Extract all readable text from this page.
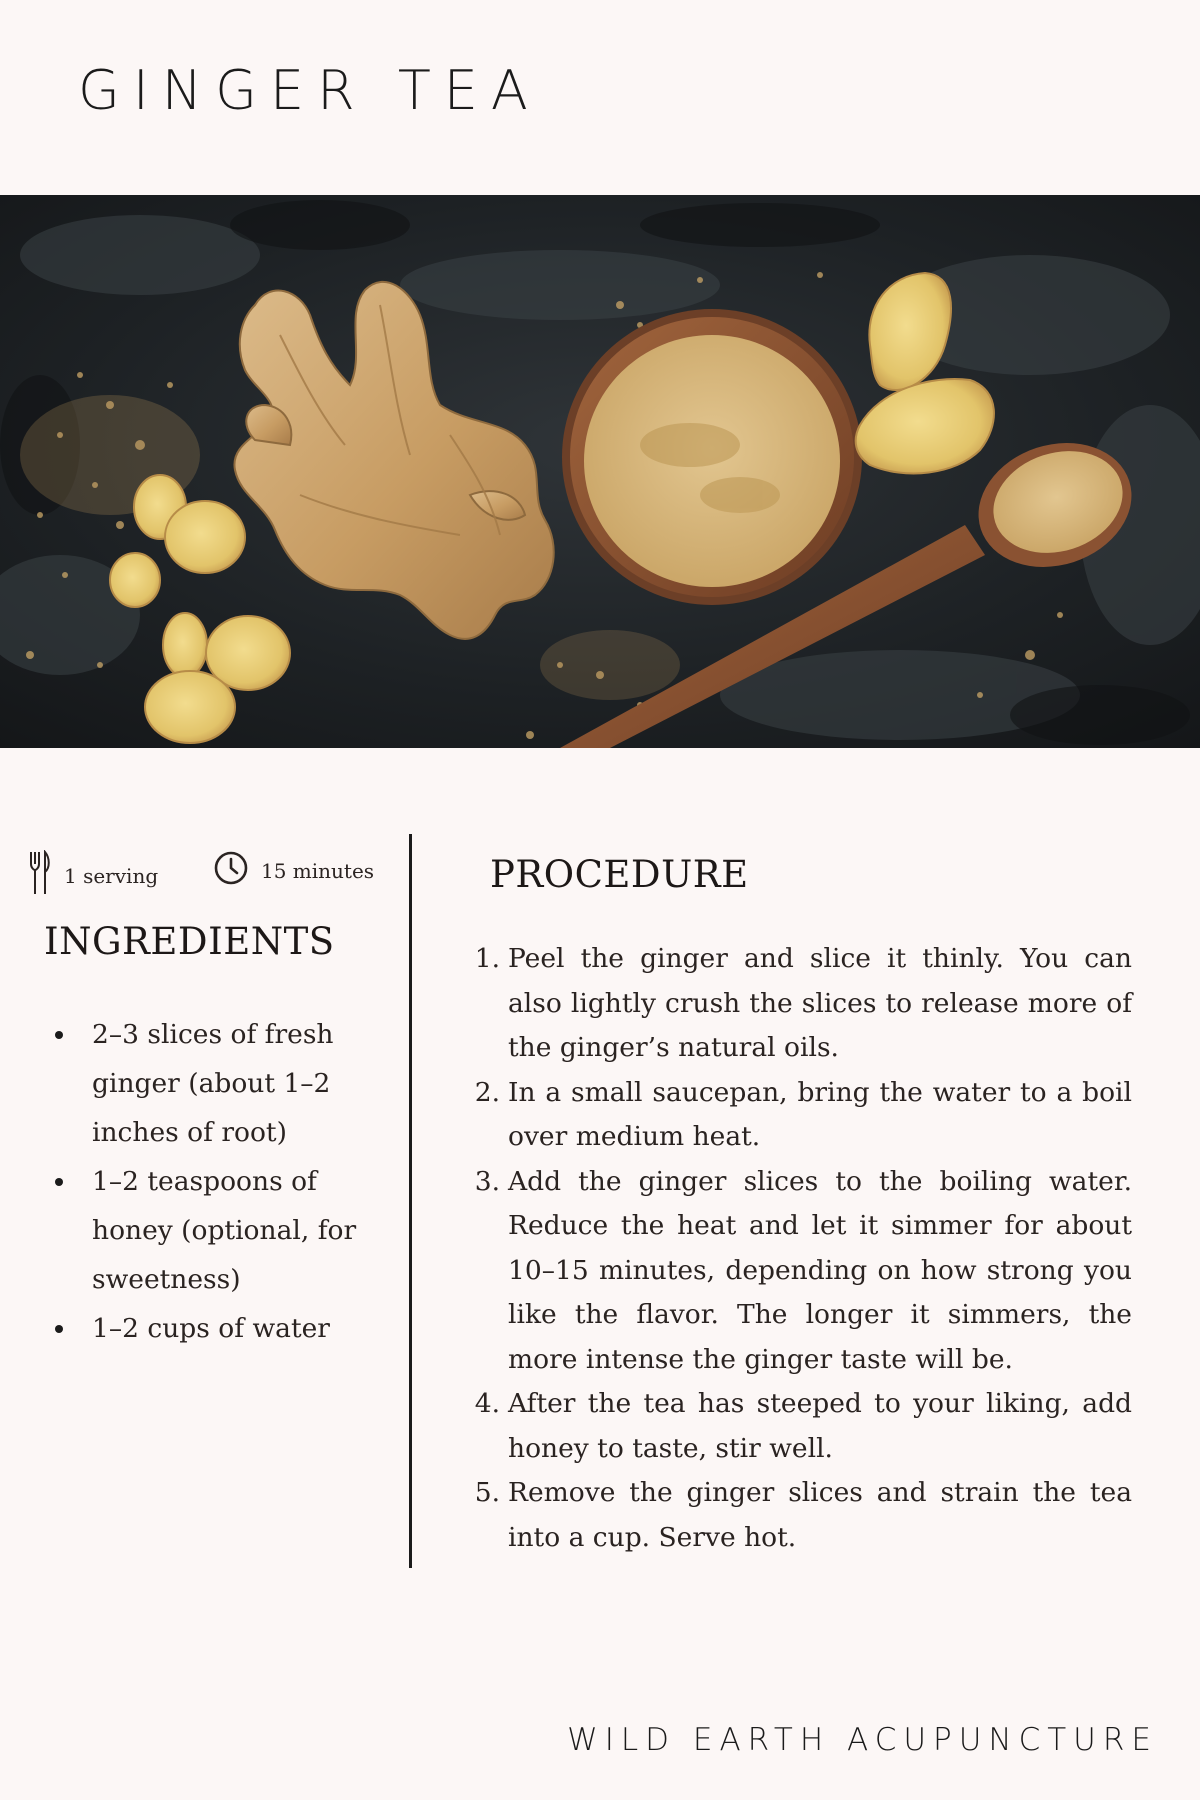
GINGER TEA
1 serving	15 minutes
INGREDIENTS
2–3 slices of fresh ginger (about 1–2 inches of root)
1–2 teaspoons of honey (optional, for sweetness)
1–2 cups of water
PROCEDURE
1. Peel the ginger and slice it thinly. You can also lightly crush the slices to release more of the ginger’s natural oils.
2. In a small saucepan, bring the water to a boil over medium heat.
3. Add the ginger slices to the boiling water. Reduce the heat and let it simmer for about 10–15 minutes, depending on how strong you like the flavor. The longer it simmers, the more intense the ginger taste will be.
4. After the tea has steeped to your liking, add honey to taste, stir well.
5. Remove the ginger slices and strain the tea into a cup. Serve hot.
WILD EARTH ACUPUNCTURE
